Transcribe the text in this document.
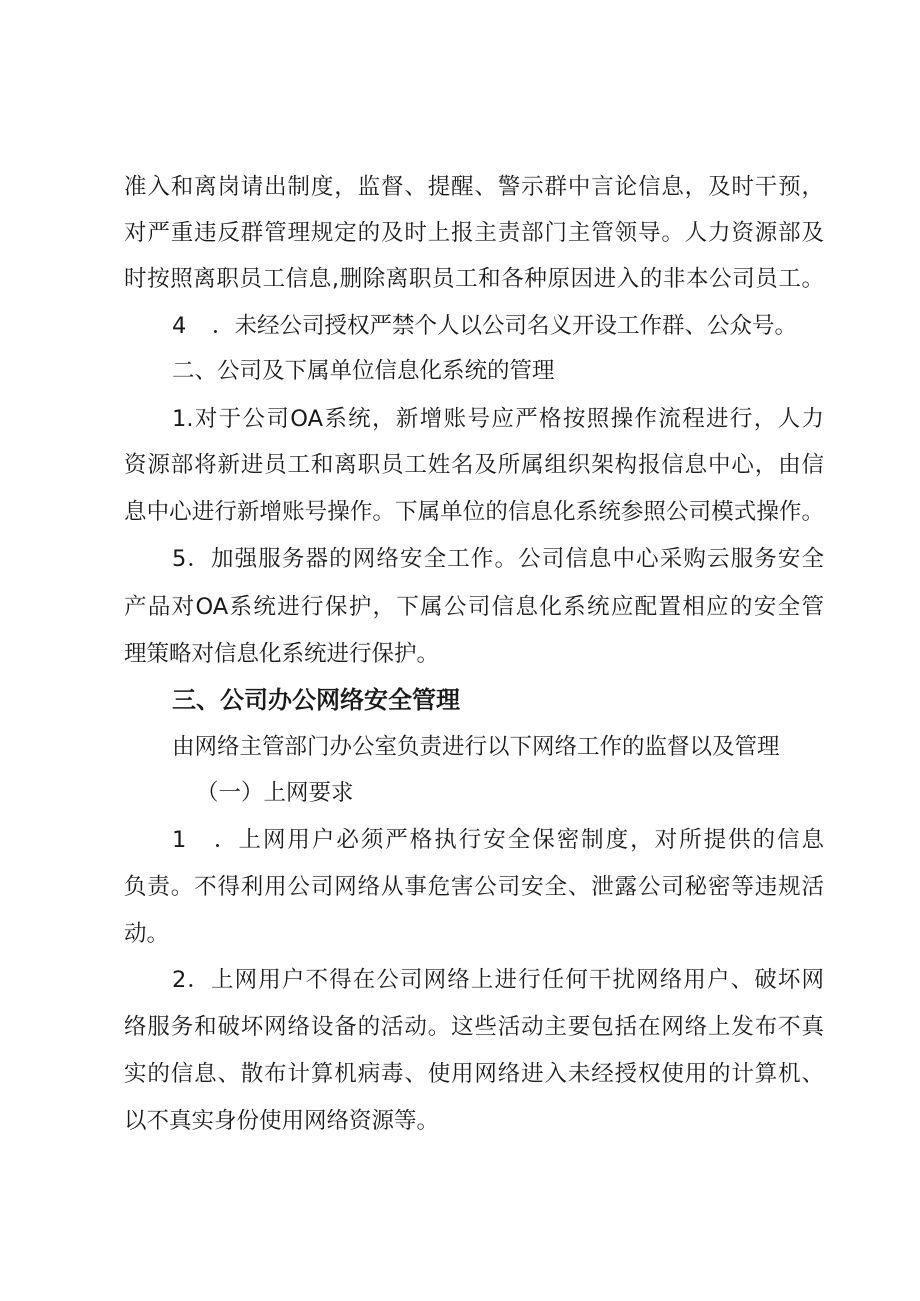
准入和离岗请出制度，监督、提醒、警示群中言论信息，及时干预，
对严重违反群管理规定的及时上报主责部门主管领导。人力资源部及
时按照离职员工信息,删除离职员工和各种原因进入的非本公司员工。
4 ．未经公司授权严禁个人以公司名义开设工作群、公众号。
二、公司及下属单位信息化系统的管理
1.对于公司OA系统，新增账号应严格按照操作流程进行，人力
资源部将新进员工和离职员工姓名及所属组织架构报信息中心，由信
息中心进行新增账号操作。下属单位的信息化系统参照公司模式操作。
5．加强服务器的网络安全工作。公司信息中心采购云服务安全
产品对OA系统进行保护，下属公司信息化系统应配置相应的安全管
理策略对信息化系统进行保护。
三、公司办公网络安全管理
由网络主管部门办公室负责进行以下网络工作的监督以及管理
（一）上网要求
1 ．上网用户必须严格执行安全保密制度，对所提供的信息
负责。不得利用公司网络从事危害公司安全、泄露公司秘密等违规活
动。
2．上网用户不得在公司网络上进行任何干扰网络用户、破坏网
络服务和破坏网络设备的活动。这些活动主要包括在网络上发布不真
实的信息、散布计算机病毒、使用网络进入未经授权使用的计算机、
以不真实身份使用网络资源等。
